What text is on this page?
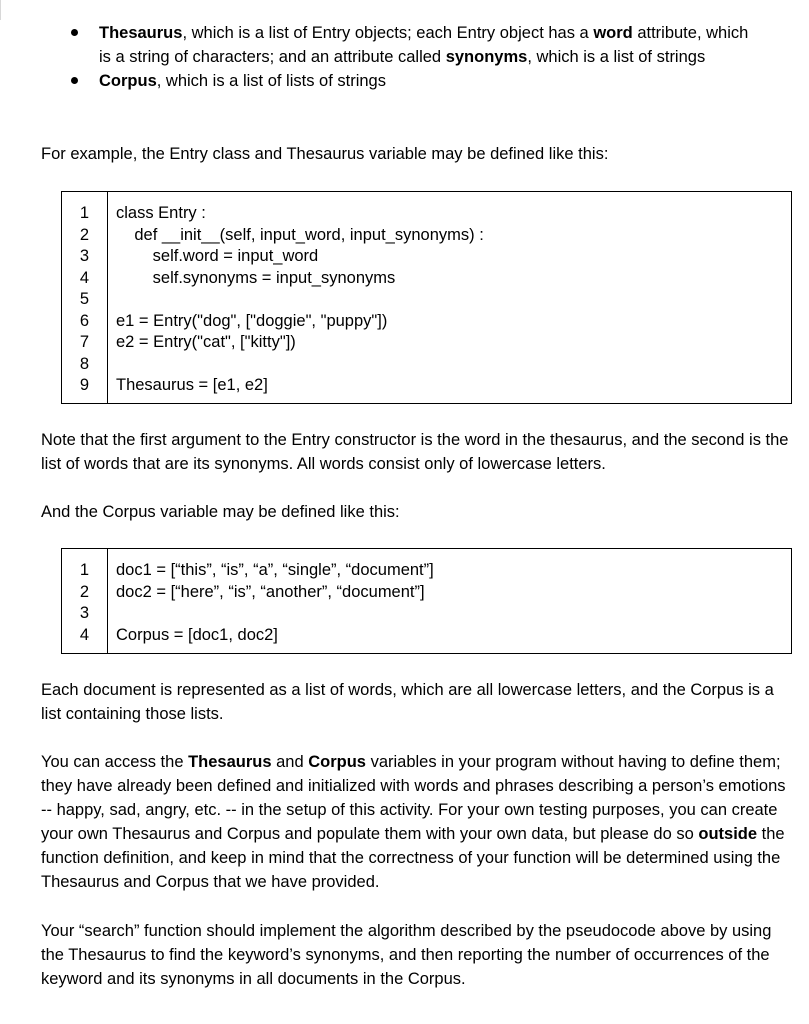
Thesaurus, which is a list of Entry objects; each Entry object has a word attribute, which is a string of characters; and an attribute called synonyms, which is a list of strings
Corpus, which is a list of lists of strings

For example, the Entry class and Thesaurus variable may be defined like this:

1
2
3
4
5
6
7
8
9
class Entry :
def __init__(self, input_word, input_synonyms) :
self.word = input_word
self.synonyms = input_synonyms
e1 = Entry("dog", ["doggie", "puppy"])
e2 = Entry("cat", ["kitty"])
Thesaurus = [e1, e2]

Note that the first argument to the Entry constructor is the word in the thesaurus, and the second is the list of words that are its synonyms. All words consist only of lowercase letters.

And the Corpus variable may be defined like this:

1
2
3
4
doc1 = [“this”, “is”, “a”, “single”, “document”]
doc2 = [“here”, “is”, “another”, “document”]
Corpus = [doc1, doc2]

Each document is represented as a list of words, which are all lowercase letters, and the Corpus is a list containing those lists.

You can access the Thesaurus and Corpus variables in your program without having to define them; they have already been defined and initialized with words and phrases describing a person’s emotions -- happy, sad, angry, etc. -- in the setup of this activity. For your own testing purposes, you can create your own Thesaurus and Corpus and populate them with your own data, but please do so outside the function definition, and keep in mind that the correctness of your function will be determined using the Thesaurus and Corpus that we have provided.

Your “search” function should implement the algorithm described by the pseudocode above by using the Thesaurus to find the keyword’s synonyms, and then reporting the number of occurrences of the keyword and its synonyms in all documents in the Corpus.
